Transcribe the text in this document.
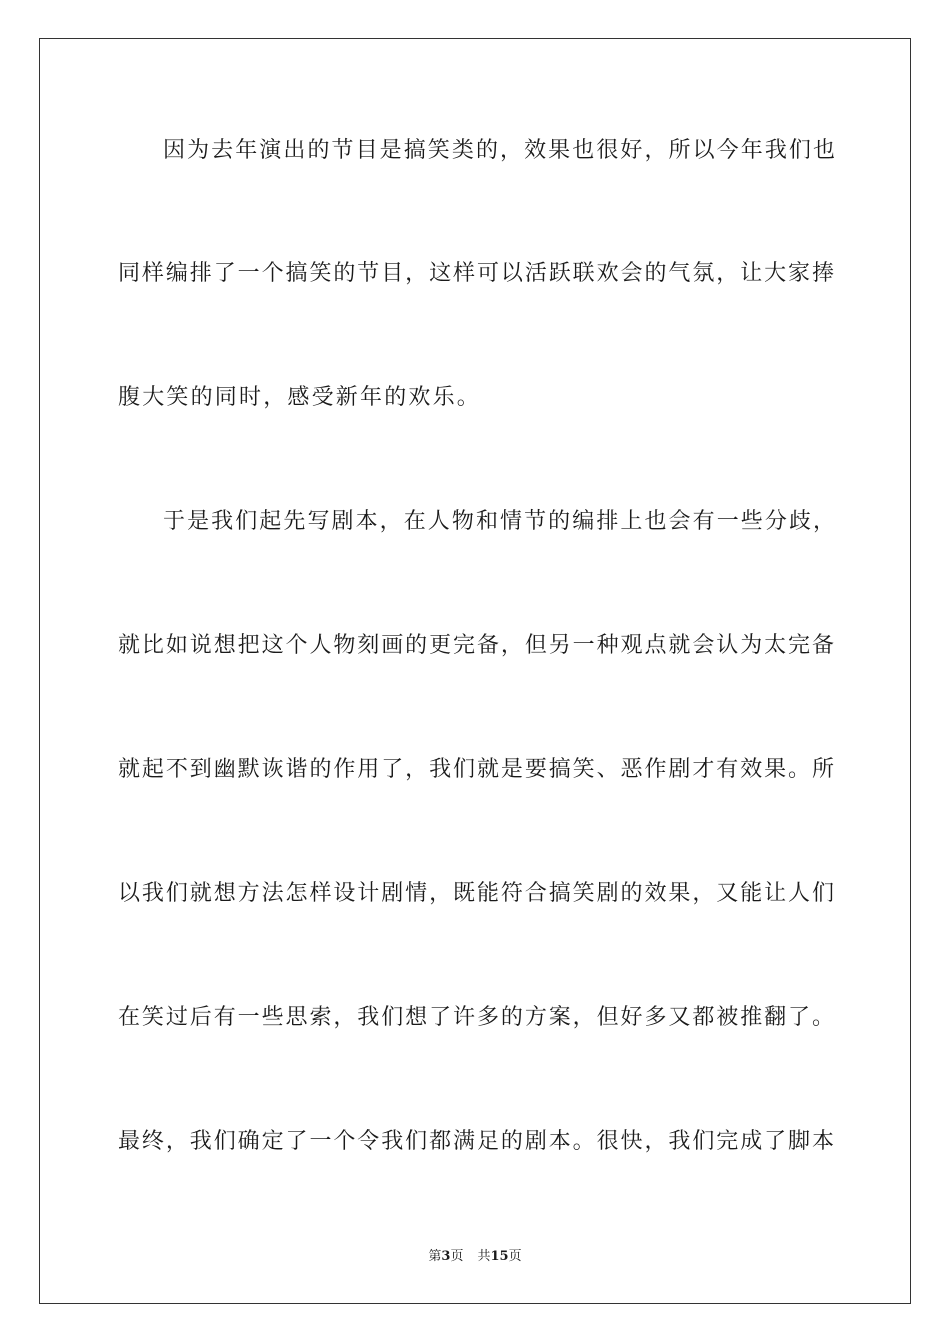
因为去年演出的节目是搞笑类的，效果也很好，所以今年我们也
同样编排了一个搞笑的节目，这样可以活跃联欢会的气氛，让大家捧
腹大笑的同时，感受新年的欢乐。
于是我们起先写剧本，在人物和情节的编排上也会有一些分歧，
就比如说想把这个人物刻画的更完备，但另一种观点就会认为太完备
就起不到幽默诙谐的作用了，我们就是要搞笑、恶作剧才有效果。所
以我们就想方法怎样设计剧情，既能符合搞笑剧的效果，又能让人们
在笑过后有一些思索，我们想了许多的方案，但好多又都被推翻了。
最终，我们确定了一个令我们都满足的剧本。很快，我们完成了脚本
第3页 共15页
